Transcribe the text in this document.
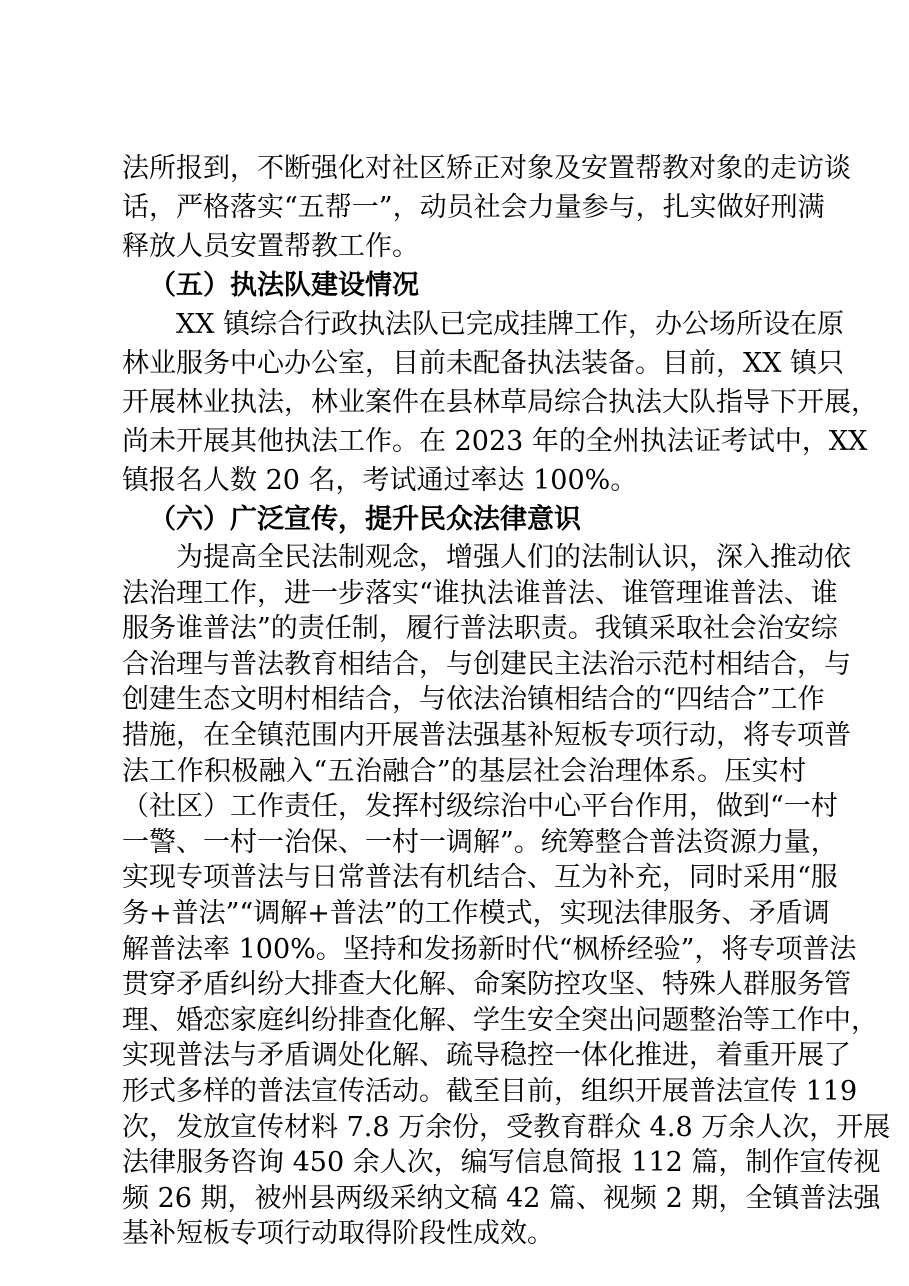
法所报到，不断强化对社区矫正对象及安置帮教对象的走访谈
话，严格落实“五帮一”，动员社会力量参与，扎实做好刑满
释放人员安置帮教工作。
（五）执法队建设情况
XX 镇综合行政执法队已完成挂牌工作，办公场所设在原
林业服务中心办公室，目前未配备执法装备。目前，XX 镇只
开展林业执法，林业案件在县林草局综合执法大队指导下开展，
尚未开展其他执法工作。在 2023 年的全州执法证考试中，XX
镇报名人数 20 名，考试通过率达 100%。
（六）广泛宣传，提升民众法律意识
为提高全民法制观念，增强人们的法制认识，深入推动依
法治理工作，进一步落实“谁执法谁普法、谁管理谁普法、谁
服务谁普法”的责任制，履行普法职责。我镇采取社会治安综
合治理与普法教育相结合，与创建民主法治示范村相结合，与
创建生态文明村相结合，与依法治镇相结合的“四结合”工作
措施，在全镇范围内开展普法强基补短板专项行动，将专项普
法工作积极融入“五治融合”的基层社会治理体系。压实村
（社区）工作责任，发挥村级综治中心平台作用，做到“一村
一警、一村一治保、一村一调解”。统筹整合普法资源力量，
实现专项普法与日常普法有机结合、互为补充，同时采用“服
务+普法”“调解+普法”的工作模式，实现法律服务、矛盾调
解普法率 100%。坚持和发扬新时代“枫桥经验”，将专项普法
贯穿矛盾纠纷大排查大化解、命案防控攻坚、特殊人群服务管
理、婚恋家庭纠纷排查化解、学生安全突出问题整治等工作中，
实现普法与矛盾调处化解、疏导稳控一体化推进，着重开展了
形式多样的普法宣传活动。截至目前，组织开展普法宣传 119
次，发放宣传材料 7.8 万余份，受教育群众 4.8 万余人次，开展
法律服务咨询 450 余人次，编写信息简报 112 篇，制作宣传视
频 26 期，被州县两级采纳文稿 42 篇、视频 2 期，全镇普法强
基补短板专项行动取得阶段性成效。
